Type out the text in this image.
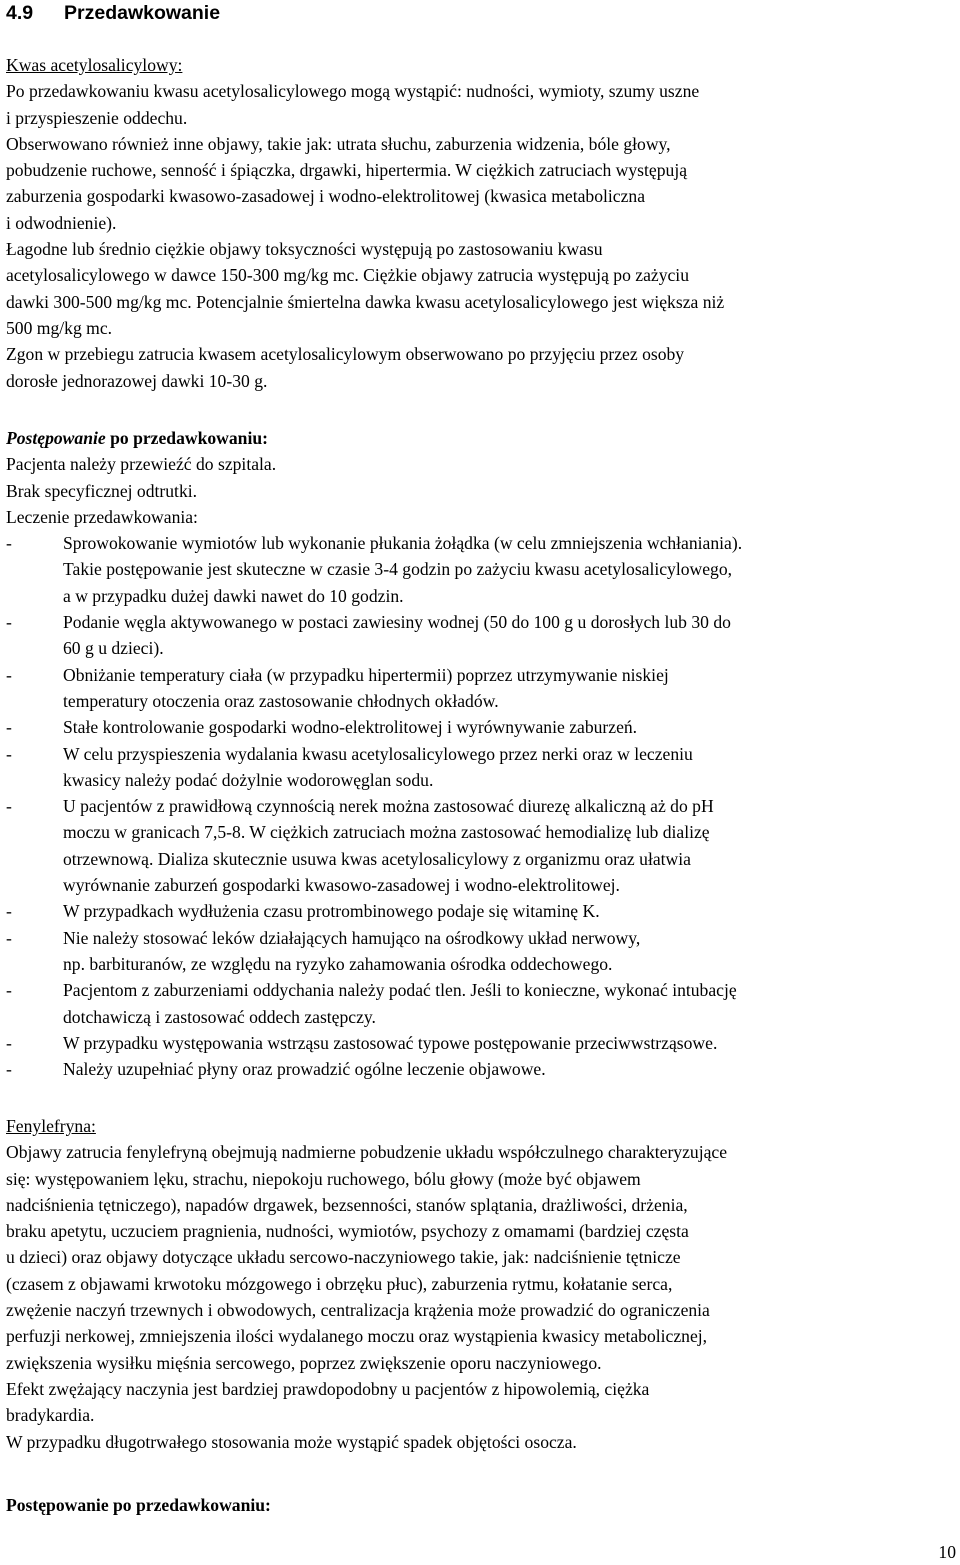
4.9 Przedawkowanie

Kwas acetylosalicylowy:

Po przedawkowaniu kwasu acetylosalicylowego mogą wystąpić: nudności, wymioty, szumy uszne

i przyspieszenie oddechu.

Obserwowano również inne objawy, takie jak: utrata słuchu, zaburzenia widzenia, bóle głowy,

pobudzenie ruchowe, senność i śpiączka, drgawki, hipertermia. W ciężkich zatruciach występują

zaburzenia gospodarki kwasowo-zasadowej i wodno-elektrolitowej (kwasica metaboliczna

i odwodnienie).

Łagodne lub średnio ciężkie objawy toksyczności występują po zastosowaniu kwasu

acetylosalicylowego w dawce 150-300 mg/kg mc. Ciężkie objawy zatrucia występują po zażyciu

dawki 300-500 mg/kg mc. Potencjalnie śmiertelna dawka kwasu acetylosalicylowego jest większa niż

500 mg/kg mc.

Zgon w przebiegu zatrucia kwasem acetylosalicylowym obserwowano po przyjęciu przez osoby

dorosłe jednorazowej dawki 10-30 g.

Postępowanie po przedawkowaniu:

Pacjenta należy przewieźć do szpitala.

Brak specyficznej odtrutki.

Leczenie przedawkowania:

-	Sprowokowanie wymiotów lub wykonanie płukania żołądka (w celu zmniejszenia wchłaniania).
Takie postępowanie jest skuteczne w czasie 3-4 godzin po zażyciu kwasu acetylosalicylowego,
a w przypadku dużej dawki nawet do 10 godzin.
-	Podanie węgla aktywowanego w postaci zawiesiny wodnej (50 do 100 g u dorosłych lub 30 do
60 g u dzieci).
-	Obniżanie temperatury ciała (w przypadku hipertermii) poprzez utrzymywanie niskiej
temperatury otoczenia oraz zastosowanie chłodnych okładów.
-	Stałe kontrolowanie gospodarki wodno-elektrolitowej i wyrównywanie zaburzeń.
-	W celu przyspieszenia wydalania kwasu acetylosalicylowego przez nerki oraz w leczeniu
kwasicy należy podać dożylnie wodorowęglan sodu.
-	U pacjentów z prawidłową czynnością nerek można zastosować diurezę alkaliczną aż do pH
moczu w granicach 7,5-8. W ciężkich zatruciach można zastosować hemodializę lub dializę
otrzewnową. Dializa skutecznie usuwa kwas acetylosalicylowy z organizmu oraz ułatwia
wyrównanie zaburzeń gospodarki kwasowo-zasadowej i wodno-elektrolitowej.
-	W przypadkach wydłużenia czasu protrombinowego podaje się witaminę K.
-	Nie należy stosować leków działających hamująco na ośrodkowy układ nerwowy,
np. barbituranów, ze względu na ryzyko zahamowania ośrodka oddechowego.
-	Pacjentom z zaburzeniami oddychania należy podać tlen. Jeśli to konieczne, wykonać intubację
dotchawiczą i zastosować oddech zastępczy.
-	W przypadku występowania wstrząsu zastosować typowe postępowanie przeciwwstrząsowe.
-	Należy uzupełniać płyny oraz prowadzić ogólne leczenie objawowe.

Fenylefryna:

Objawy zatrucia fenylefryną obejmują nadmierne pobudzenie układu współczulnego charakteryzujące

się: występowaniem lęku, strachu, niepokoju ruchowego, bólu głowy (może być objawem

nadciśnienia tętniczego), napadów drgawek, bezsenności, stanów splątania, drażliwości, drżenia,

braku apetytu, uczuciem pragnienia, nudności, wymiotów, psychozy z omamami (bardziej częsta

u dzieci) oraz objawy dotyczące układu sercowo-naczyniowego takie, jak: nadciśnienie tętnicze

(czasem z objawami krwotoku mózgowego i obrzęku płuc), zaburzenia rytmu, kołatanie serca,

zwężenie naczyń trzewnych i obwodowych, centralizacja krążenia może prowadzić do ograniczenia

perfuzji nerkowej, zmniejszenia ilości wydalanego moczu oraz wystąpienia kwasicy metabolicznej,

zwiększenia wysiłku mięśnia sercowego, poprzez zwiększenie oporu naczyniowego.

Efekt zwężający naczynia jest bardziej prawdopodobny u pacjentów z hipowolemią, ciężka

bradykardia.

W przypadku długotrwałego stosowania może wystąpić spadek objętości osocza.

Postępowanie po przedawkowaniu:

10
